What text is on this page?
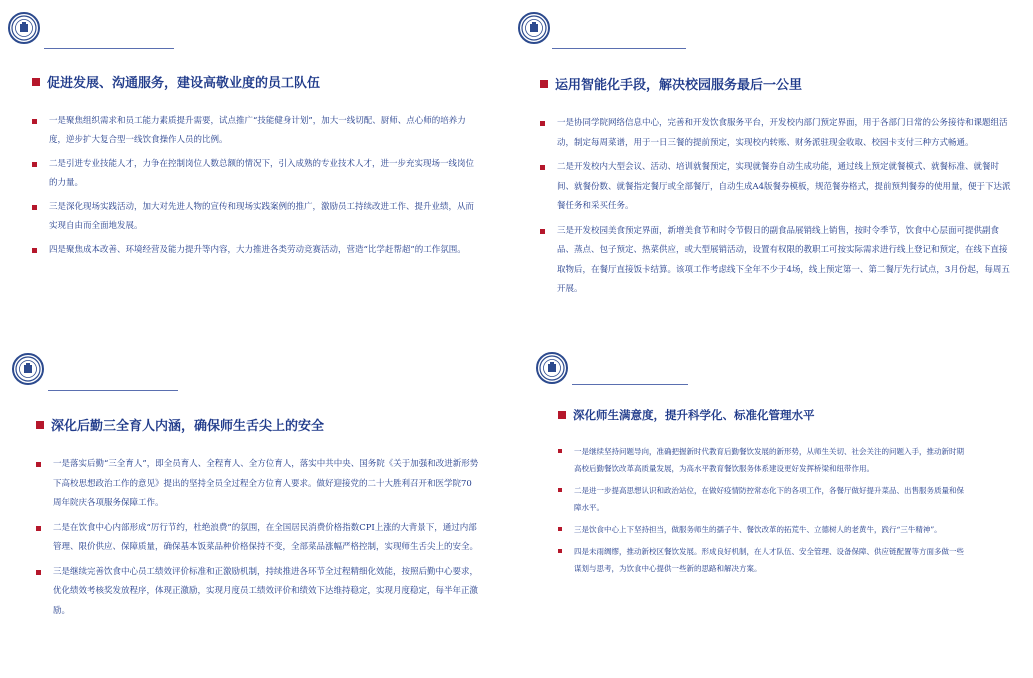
促进发展、沟通服务，建设高敬业度的员工队伍
一是聚焦组织需求和员工能力素质提升需要，试点推广“技能健身计划”，加大一线切配、厨师、点心师的培养力度，逆步扩大复合型一线饮食操作人员的比例。
二是引进专业技能人才，力争在控制岗位人数总额的情况下，引入成熟的专业技术人才，进一步充实现场一线岗位的力量。
三是深化现场实践活动，加大对先进人物的宣传和现场实践案例的推广，激励员工持续改进工作、提升业绩，从而实现自由而全面地发展。
四是聚焦成本改善、环境经营及能力提升等内容，大力推进各类劳动竞赛活动，营造“比学赶帮超”的工作氛围。
运用智能化手段，解决校园服务最后一公里
一是协同学院网络信息中心，完善和开发饮食服务平台，开发校内部门预定界面，用于各部门日常的公务接待和课题组活动，制定每周菜谱，用于一日三餐的提前预定，实现校内转账、财务派驻现金收取、校园卡支付三种方式畅通。
二是开发校内大型会议、活动、培训就餐预定，实现就餐券自动生成功能，通过线上预定就餐模式、就餐标准、就餐时间、就餐份数、就餐指定餐厅或全部餐厅，自动生成A4版餐券模板，规范餐券格式，提前预判餐券的使用量，便于下达派餐任务和采买任务。
三是开发校园美食预定界面，新增美食节和时令节假日的副食品展销线上销售，按时令季节，饮食中心层面可提供副食品、蒸点、包子预定、热菜供应，或大型展销活动，设置有权限的教职工可按实际需求进行线上登记和预定，在线下直接取物后，在餐厅直接饭卡结算。该项工作考虑线下全年不少于4场，线上预定第一、第二餐厅先行试点，3月份起，每周五开展。
深化后勤三全育人内涵，确保师生舌尖上的安全
一是落实后勤“三全育人”，即全员育人、全程育人、全方位育人，落实中共中央、国务院《关于加强和改进新形势下高校思想政治工作的意见》提出的坚持全员全过程全方位育人要求。做好迎接党的二十大胜利召开和医学院70周年院庆各项服务保障工作。
二是在饮食中心内部形成“厉行节约，杜绝浪费”的氛围，在全国居民消费价格指数CPI上涨的大背景下，通过内部管理、限价供应、保障质量，确保基本饭菜品种价格保持不变，全部菜品涨幅严格控制，实现师生舌尖上的安全。
三是继续完善饮食中心员工绩效评价标准和正激励机制，持续推进各环节全过程精细化效能，按照后勤中心要求，优化绩效考核奖发放程序，体现正激励，实现月度员工绩效评价和绩效下达维持稳定，实现月度稳定，每半年正激励。
深化师生满意度，提升科学化、标准化管理水平
一是继续坚持问题导向，准确把握新时代教育后勤餐饮发展的新形势，从师生关切、社会关注的问题入手，推动新时期高校后勤餐饮改革高质量发展，为高水平教育餐饮服务体系建设更好发挥桥梁和纽带作用。
二是进一步提高思想认识和政治站位，在做好疫情防控常态化下的各项工作，各餐厅做好提升菜品、出售服务质量和保障水平。
三是饮食中心上下坚持担当，做服务师生的孺子牛、餐饮改革的拓荒牛、立德树人的老黄牛，践行“三牛精神”。
四是未雨绸缪，推动新校区餐饮发展。形成良好机制，在人才队伍、安全管理、设备保障、供应链配置等方面多做一些谋划与思考，为饮食中心提供一些新的思路和解决方案。
